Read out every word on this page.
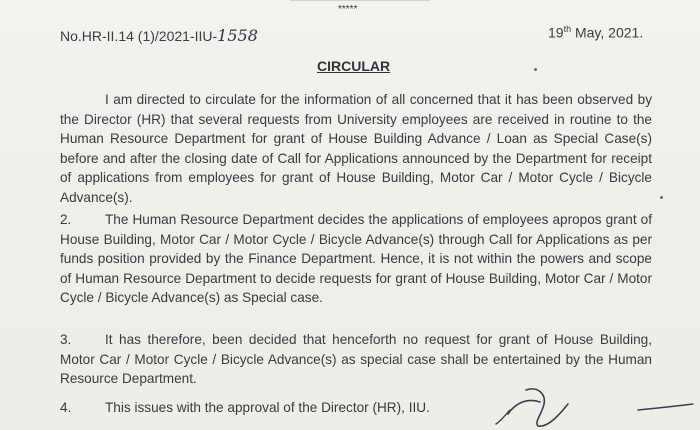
*****
No.HR-II.14 (1)/2021-IIU-1558	19th May, 2021.
CIRCULAR
I am directed to circulate for the information of all concerned that it has been observed by the Director (HR) that several requests from University employees are received in routine to the Human Resource Department for grant of House Building Advance / Loan as Special Case(s) before and after the closing date of Call for Applications announced by the Department for receipt of applications from employees for grant of House Building, Motor Car / Motor Cycle / Bicycle Advance(s).
2. The Human Resource Department decides the applications of employees apropos grant of House Building, Motor Car / Motor Cycle / Bicycle Advance(s) through Call for Applications as per funds position provided by the Finance Department. Hence, it is not within the powers and scope of Human Resource Department to decide requests for grant of House Building, Motor Car / Motor Cycle / Bicycle Advance(s) as Special case.
3. It has therefore, been decided that henceforth no request for grant of House Building, Motor Car / Motor Cycle / Bicycle Advance(s) as special case shall be entertained by the Human Resource Department.
4. This issues with the approval of the Director (HR), IIU.
